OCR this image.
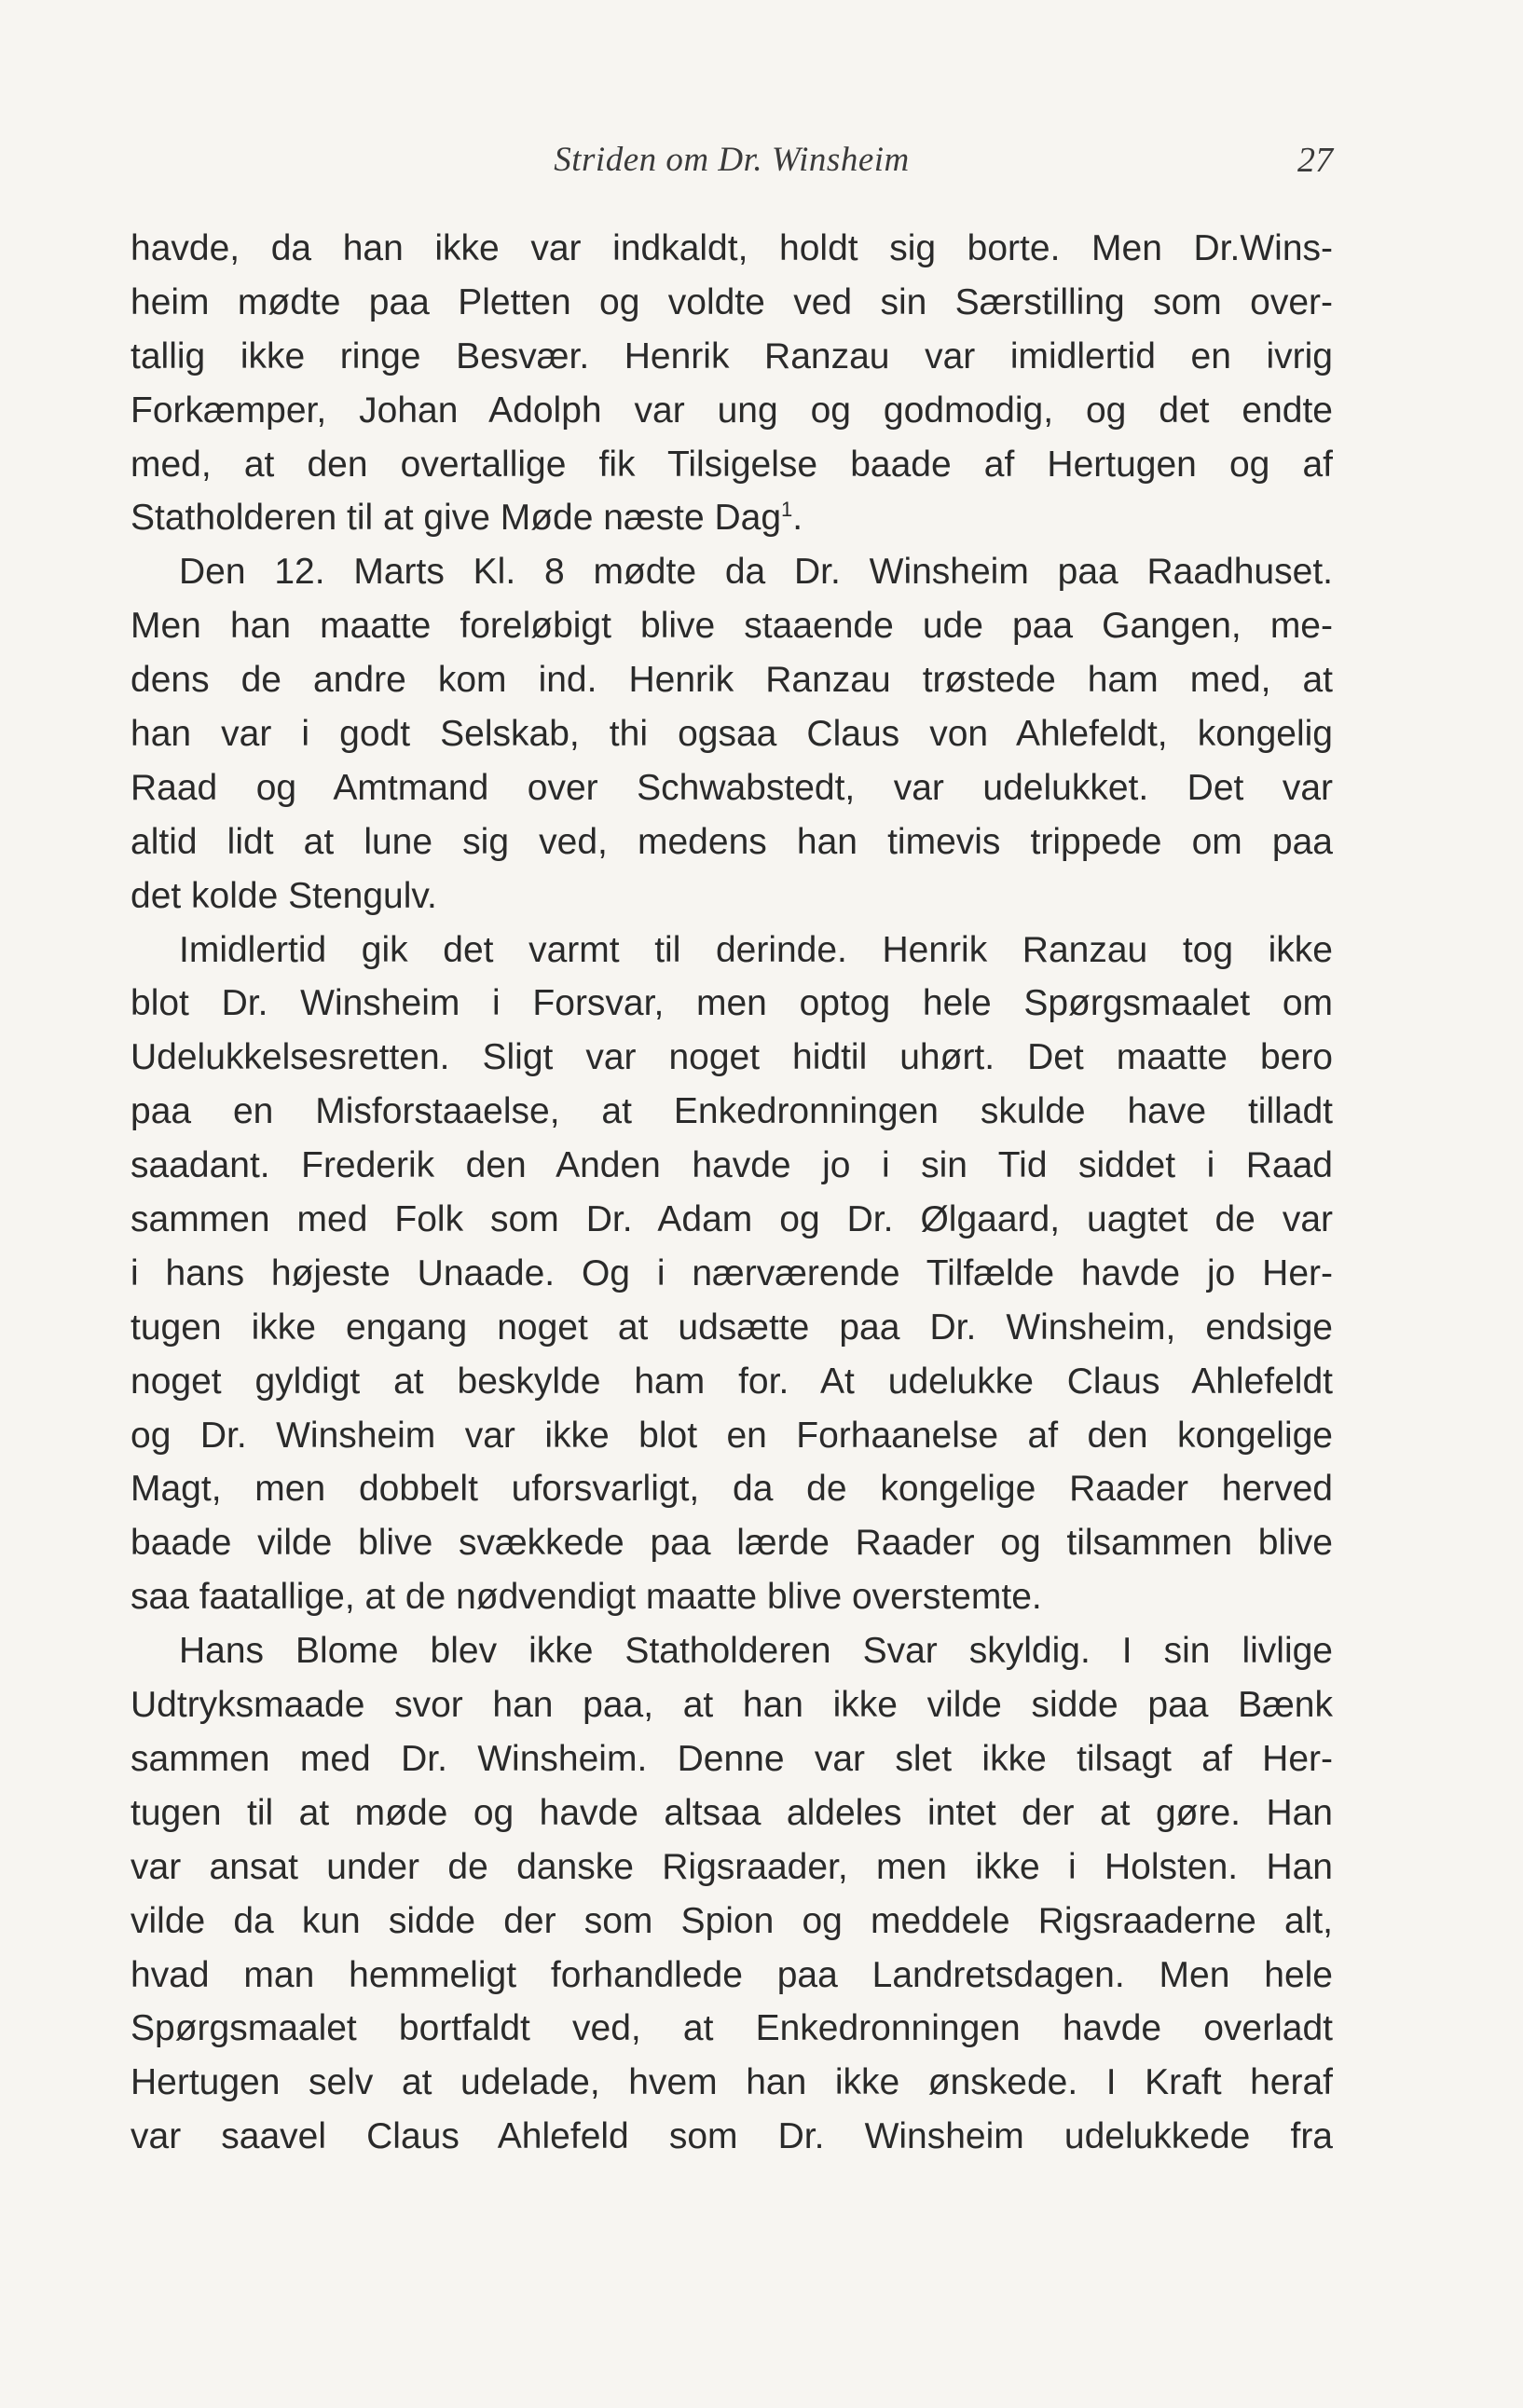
Striden om Dr. Winsheim	27
havde, da han ikke var indkaldt, holdt sig borte. Men Dr.Wins-
heim mødte paa Pletten og voldte ved sin Særstilling som over-
tallig ikke ringe Besvær. Henrik Ranzau var imidlertid en ivrig
Forkæmper, Johan Adolph var ung og godmodig, og det endte
med, at den overtallige fik Tilsigelse baade af Hertugen og af
Statholderen til at give Møde næste Dag$^1$.
Den 12. Marts Kl. 8 mødte da Dr. Winsheim paa Raadhuset.
Men han maatte foreløbigt blive staaende ude paa Gangen, me-
dens de andre kom ind. Henrik Ranzau trøstede ham med, at
han var i godt Selskab, thi ogsaa Claus von Ahlefeldt, kongelig
Raad og Amtmand over Schwabstedt, var udelukket. Det var
altid lidt at lune sig ved, medens han timevis trippede om paa
det kolde Stengulv.
Imidlertid gik det varmt til derinde. Henrik Ranzau tog ikke
blot Dr. Winsheim i Forsvar, men optog hele Spørgsmaalet om
Udelukkelsesretten. Sligt var noget hidtil uhørt. Det maatte bero
paa en Misforstaaelse, at Enkedronningen skulde have tilladt
saadant. Frederik den Anden havde jo i sin Tid siddet i Raad
sammen med Folk som Dr. Adam og Dr. Ølgaard, uagtet de var
i hans højeste Unaade. Og i nærværende Tilfælde havde jo Her-
tugen ikke engang noget at udsætte paa Dr. Winsheim, endsige
noget gyldigt at beskylde ham for. At udelukke Claus Ahlefeldt
og Dr. Winsheim var ikke blot en Forhaanelse af den kongelige
Magt, men dobbelt uforsvarligt, da de kongelige Raader herved
baade vilde blive svækkede paa lærde Raader og tilsammen blive
saa faatallige, at de nødvendigt maatte blive overstemte.
Hans Blome blev ikke Statholderen Svar skyldig. I sin livlige
Udtryksmaade svor han paa, at han ikke vilde sidde paa Bænk
sammen med Dr. Winsheim. Denne var slet ikke tilsagt af Her-
tugen til at møde og havde altsaa aldeles intet der at gøre. Han
var ansat under de danske Rigsraader, men ikke i Holsten. Han
vilde da kun sidde der som Spion og meddele Rigsraaderne alt,
hvad man hemmeligt forhandlede paa Landretsdagen. Men hele
Spørgsmaalet bortfaldt ved, at Enkedronningen havde overladt
Hertugen selv at udelade, hvem han ikke ønskede. I Kraft heraf
var saavel Claus Ahlefeld som Dr. Winsheim udelukkede fra
